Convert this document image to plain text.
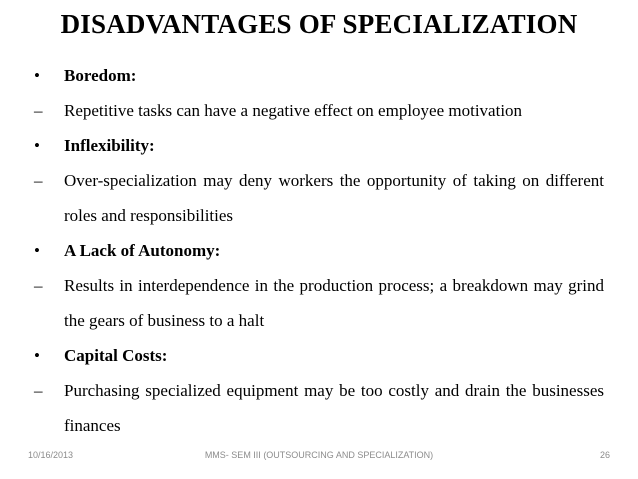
DISADVANTAGES OF SPECIALIZATION
•	Boredom:
–	Repetitive tasks can have a negative effect on employee motivation
•	Inflexibility:
–	Over-specialization may deny workers the opportunity of taking on different roles and responsibilities
•	A Lack of Autonomy:
–	Results in interdependence in the production process; a breakdown may grind the gears of business to a halt
•	Capital Costs:
–	Purchasing specialized equipment may be too costly and drain the businesses finances
10/16/2013	MMS- SEM III (OUTSOURCING AND SPECIALIZATION)	26
